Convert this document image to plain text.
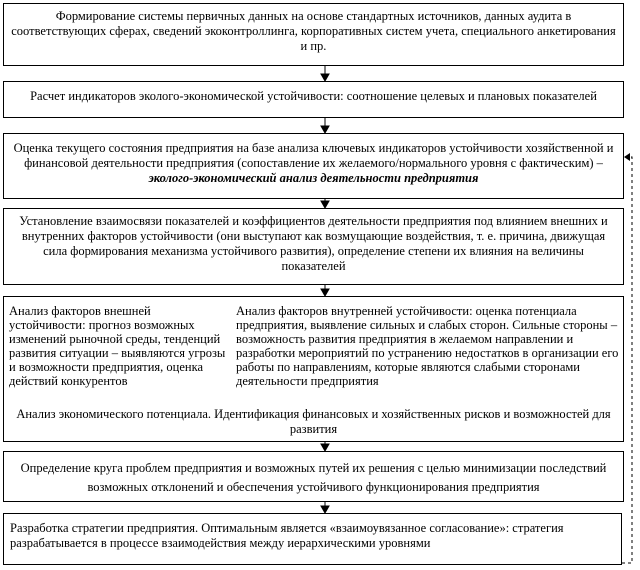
Формирование системы первичных данных на основе стандартных источников, данных аудита в соответствующих сферах, сведений экоконтроллинга, корпоративных систем учета, специального анкетирования и пр.
Расчет индикаторов эколого-экономической устойчивости: соотношение целевых и плановых показателей
Оценка текущего состояния предприятия на базе анализа ключевых индикаторов устойчивости хозяйственной и финансовой деятельности предприятия (сопоставление их желаемого/нормального уровня с фактическим) – эколого-экономический анализ деятельности предприятия
Установление взаимосвязи показателей и коэффициентов деятельности предприятия под влиянием внешних и внутренних факторов устойчивости (они выступают как возмущающие воздействия, т. е. причина, движущая сила формирования механизма устойчивого развития), определение степени их влияния на величины показателей
Анализ факторов внешней устойчивости: прогноз возможных изменений рыночной среды, тенденций развития ситуации – выявляются угрозы и возможности предприятия, оценка действий конкурентов
Анализ факторов внутренней устойчивости: оценка потенциала предприятия, выявление сильных и слабых сторон. Сильные стороны – возможность развития предприятия в желаемом направлении и разработки мероприятий по устранению недостатков в организации его работы по направлениям, которые являются слабыми сторонами деятельности предприятия
Анализ экономического потенциала. Идентификация финансовых и хозяйственных рисков и возможностей для развития
Определение круга проблем предприятия и возможных путей их решения с целью минимизации последствий возможных отклонений и обеспечения устойчивого функционирования предприятия
Разработка стратегии предприятия. Оптимальным является «взаимоувязанное согласование»: стратегия разрабатывается в процессе взаимодействия между иерархическими уровнями
